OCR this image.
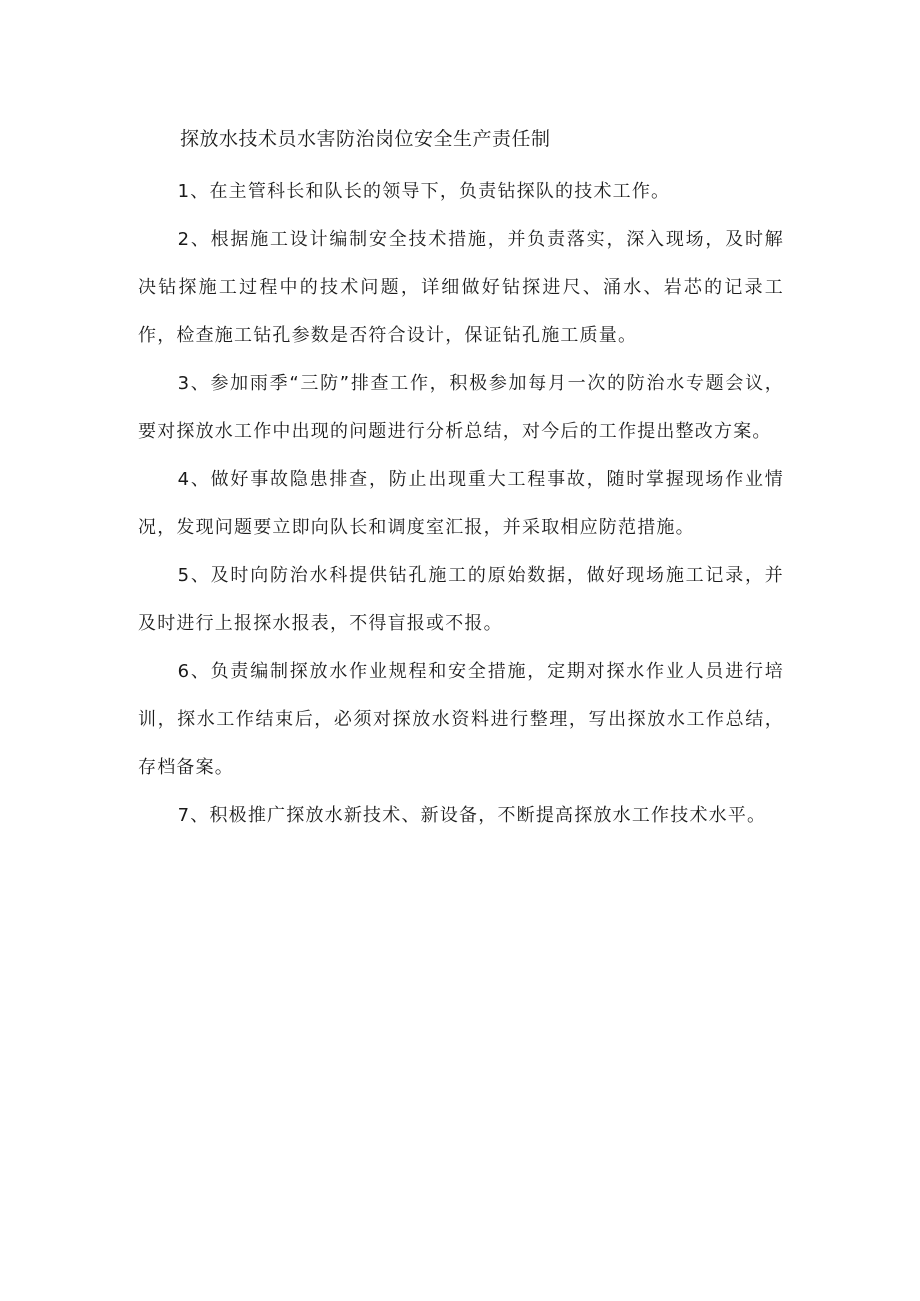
探放水技术员水害防治岗位安全生产责任制

1、在主管科长和队长的领导下，负责钻探队的技术工作。

2、根据施工设计编制安全技术措施，并负责落实，深入现场，及时解决钻探施工过程中的技术问题，详细做好钻探进尺、涌水、岩芯的记录工作，检查施工钻孔参数是否符合设计，保证钻孔施工质量。

3、参加雨季“三防”排查工作，积极参加每月一次的防治水专题会议，要对探放水工作中出现的问题进行分析总结，对今后的工作提出整改方案。

4、做好事故隐患排查，防止出现重大工程事故，随时掌握现场作业情况，发现问题要立即向队长和调度室汇报，并采取相应防范措施。

5、及时向防治水科提供钻孔施工的原始数据，做好现场施工记录，并及时进行上报探水报表，不得盲报或不报。

6、负责编制探放水作业规程和安全措施，定期对探水作业人员进行培训，探水工作结束后，必须对探放水资料进行整理，写出探放水工作总结，存档备案。

7、积极推广探放水新技术、新设备，不断提高探放水工作技术水平。
